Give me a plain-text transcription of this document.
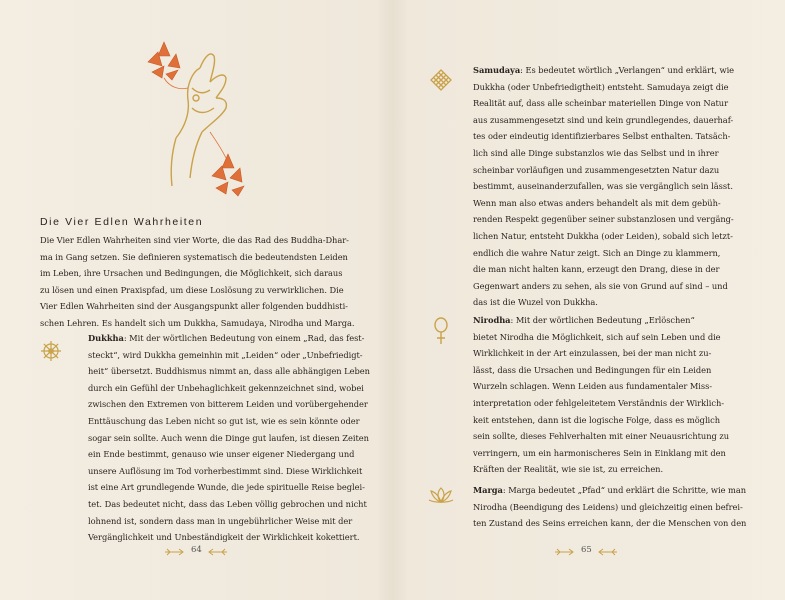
Die Vier Edlen Wahrheiten

Die Vier Edlen Wahrheiten sind vier Worte, die das Rad des Buddha-Dhar-

ma in Gang setzen. Sie definieren systematisch die bedeutendsten Leiden

im Leben, ihre Ursachen und Bedingungen, die Möglichkeit, sich daraus

zu lösen und einen Praxispfad, um diese Loslösung zu verwirklichen. Die

Vier Edlen Wahrheiten sind der Ausgangspunkt aller folgenden buddhisti-

schen Lehren. Es handelt sich um Dukkha, Samudaya, Nirodha und Marga.

Dukkha: Mit der wörtlichen Bedeutung von einem „Rad, das fest-

steckt“, wird Dukkha gemeinhin mit „Leiden“ oder „Unbefriedigt-

heit“ übersetzt. Buddhismus nimmt an, dass alle abhängigen Leben

durch ein Gefühl der Unbehaglichkeit gekennzeichnet sind, wobei

zwischen den Extremen von bitterem Leiden und vorübergehender

Enttäuschung das Leben nicht so gut ist, wie es sein könnte oder

sogar sein sollte. Auch wenn die Dinge gut laufen, ist diesen Zeiten

ein Ende bestimmt, genauso wie unser eigener Niedergang und

unsere Auflösung im Tod vorherbestimmt sind. Diese Wirklichkeit

ist eine Art grundlegende Wunde, die jede spirituelle Reise beglei-

tet. Das bedeutet nicht, dass das Leben völlig gebrochen und nicht

lohnend ist, sondern dass man in ungebührlicher Weise mit der

Vergänglichkeit und Unbeständigkeit der Wirklichkeit kokettiert.

64

Samudaya: Es bedeutet wörtlich „Verlangen“ und erklärt, wie

Dukkha (oder Unbefriedigtheit) entsteht. Samudaya zeigt die

Realität auf, dass alle scheinbar materiellen Dinge von Natur

aus zusammengesetzt sind und kein grundlegendes, dauerhaf-

tes oder eindeutig identifizierbares Selbst enthalten. Tatsäch-

lich sind alle Dinge substanzlos wie das Selbst und in ihrer

scheinbar vorläufigen und zusammengesetzten Natur dazu

bestimmt, auseinanderzufallen, was sie vergänglich sein lässt.

Wenn man also etwas anders behandelt als mit dem gebüh-

renden Respekt gegenüber seiner substanzlosen und vergäng-

lichen Natur, entsteht Dukkha (oder Leiden), sobald sich letzt-

endlich die wahre Natur zeigt. Sich an Dinge zu klammern,

die man nicht halten kann, erzeugt den Drang, diese in der

Gegenwart anders zu sehen, als sie von Grund auf sind – und

das ist die Wuzel von Dukkha.

Nirodha: Mit der wörtlichen Bedeutung „Erlöschen“

bietet Nirodha die Möglichkeit, sich auf sein Leben und die

Wirklichkeit in der Art einzulassen, bei der man nicht zu-

lässt, dass die Ursachen und Bedingungen für ein Leiden

Wurzeln schlagen. Wenn Leiden aus fundamentaler Miss-

interpretation oder fehlgeleitetem Verständnis der Wirklich-

keit entstehen, dann ist die logische Folge, dass es möglich

sein sollte, dieses Fehlverhalten mit einer Neuausrichtung zu

verringern, um ein harmonischeres Sein in Einklang mit den

Kräften der Realität, wie sie ist, zu erreichen.

Marga: Marga bedeutet „Pfad“ und erklärt die Schritte, wie man

Nirodha (Beendigung des Leidens) und gleichzeitig einen befrei-

ten Zustand des Seins erreichen kann, der die Menschen von den

65
